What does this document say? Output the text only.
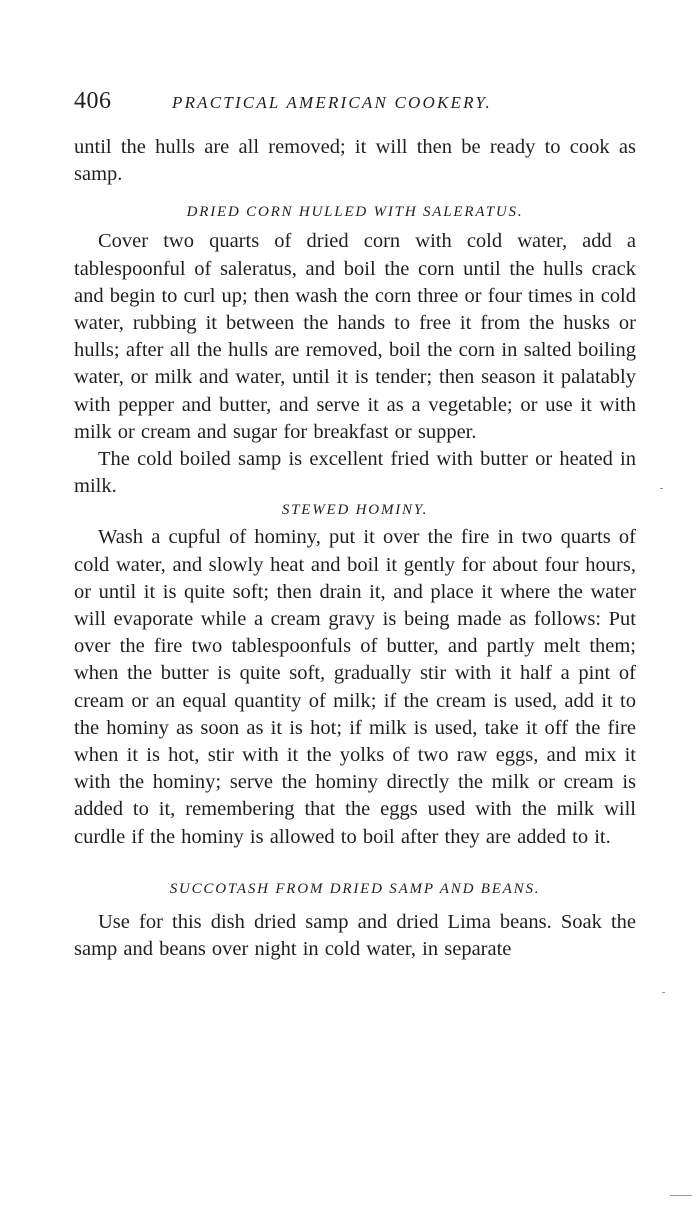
406	PRACTICAL AMERICAN COOKERY.

until the hulls are all removed; it will then be ready to cook as samp.

DRIED CORN HULLED WITH SALERATUS.

Cover two quarts of dried corn with cold water, add a tablespoonful of saleratus, and boil the corn until the hulls crack and begin to curl up; then wash the corn three or four times in cold water, rubbing it between the hands to free it from the husks or hulls; after all the hulls are removed, boil the corn in salted boiling water, or milk and water, until it is tender; then season it palatably with pepper and butter, and serve it as a vegetable; or use it with milk or cream and sugar for breakfast or supper.

The cold boiled samp is excellent fried with butter or heated in milk.

STEWED HOMINY.

Wash a cupful of hominy, put it over the fire in two quarts of cold water, and slowly heat and boil it gently for about four hours, or until it is quite soft; then drain it, and place it where the water will evaporate while a cream gravy is being made as follows: Put over the fire two tablespoonfuls of butter, and partly melt them; when the butter is quite soft, gradually stir with it half a pint of cream or an equal quantity of milk; if the cream is used, add it to the hominy as soon as it is hot; if milk is used, take it off the fire when it is hot, stir with it the yolks of two raw eggs, and mix it with the hominy; serve the hominy directly the milk or cream is added to it, remembering that the eggs used with the milk will curdle if the hominy is allowed to boil after they are added to it.

SUCCOTASH FROM DRIED SAMP AND BEANS.

Use for this dish dried samp and dried Lima beans. Soak the samp and beans over night in cold water, in separate
